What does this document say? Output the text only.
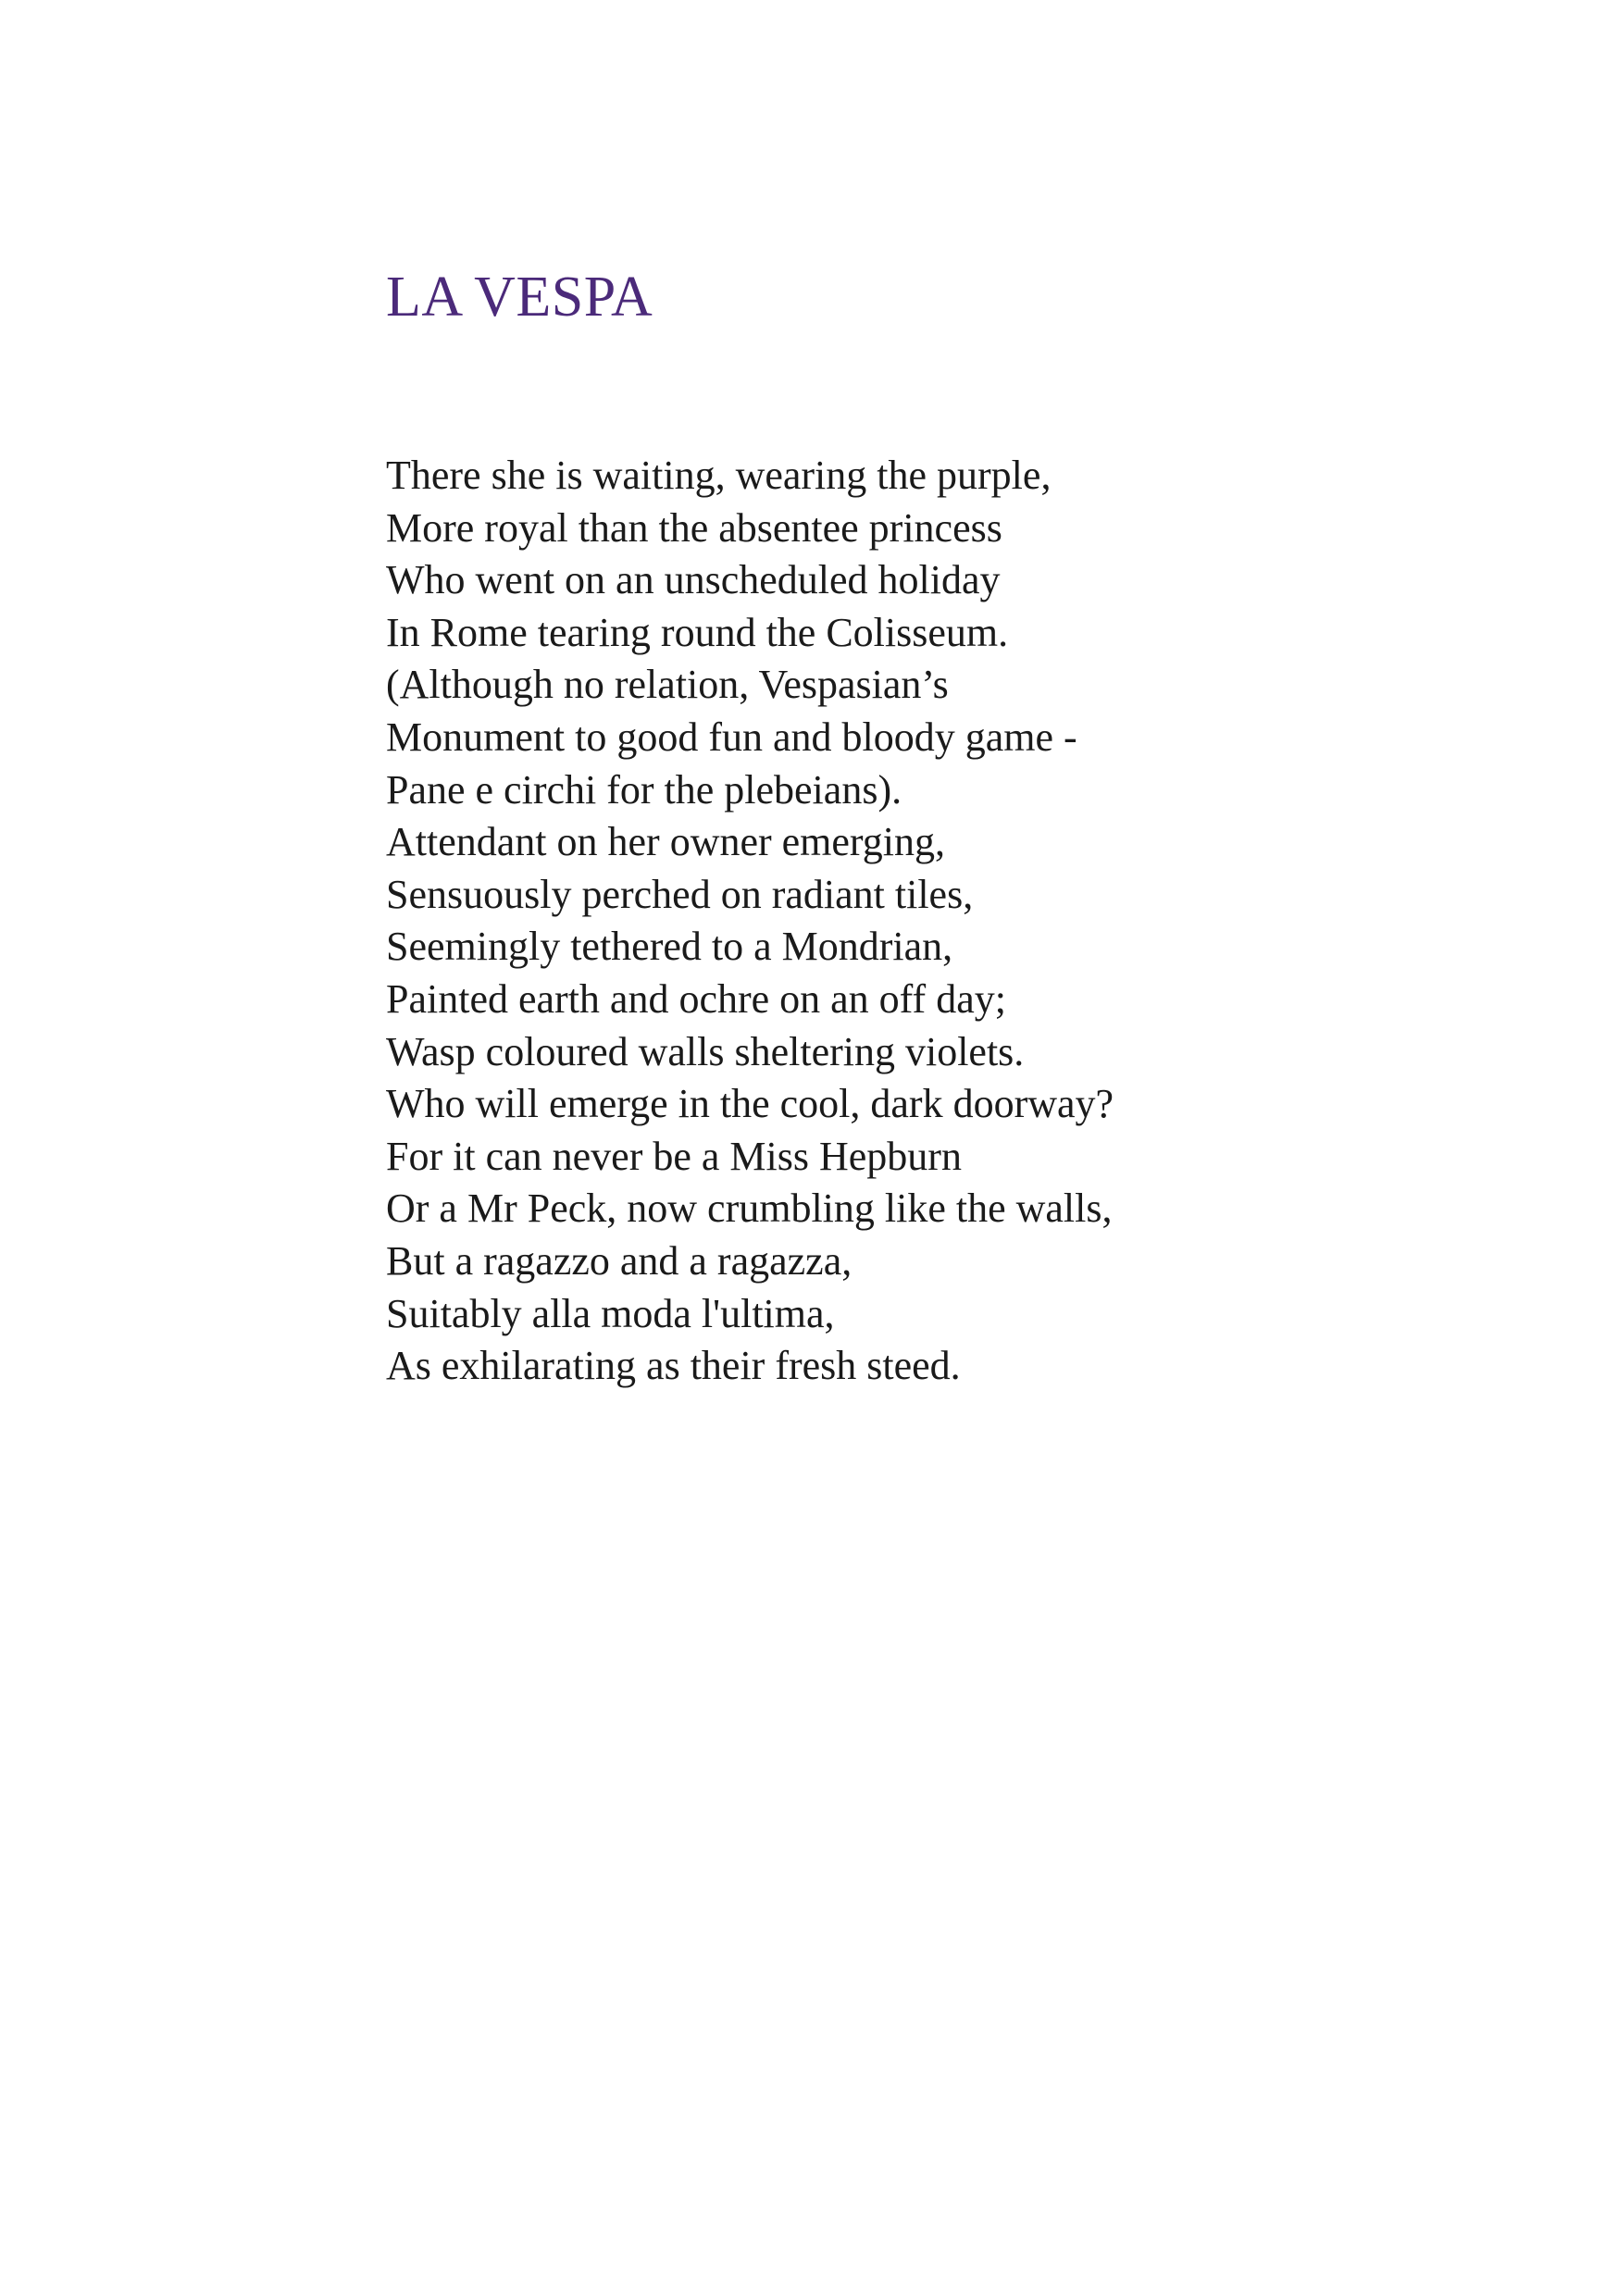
LA VESPA
There she is waiting, wearing the purple,
More royal than the absentee princess
Who went on an unscheduled holiday
In Rome tearing round the Colisseum.
(Although no relation, Vespasian’s
Monument to good fun and bloody game -
Pane e circhi for the plebeians).
Attendant on her owner emerging,
Sensuously perched on radiant tiles,
Seemingly tethered to a Mondrian,
Painted earth and ochre on an off day;
Wasp coloured walls sheltering violets.
Who will emerge in the cool, dark doorway?
For it can never be a Miss Hepburn
Or a Mr Peck, now crumbling like the walls,
But a ragazzo and a ragazza,
Suitably alla moda l'ultima,
As exhilarating as their fresh steed.
